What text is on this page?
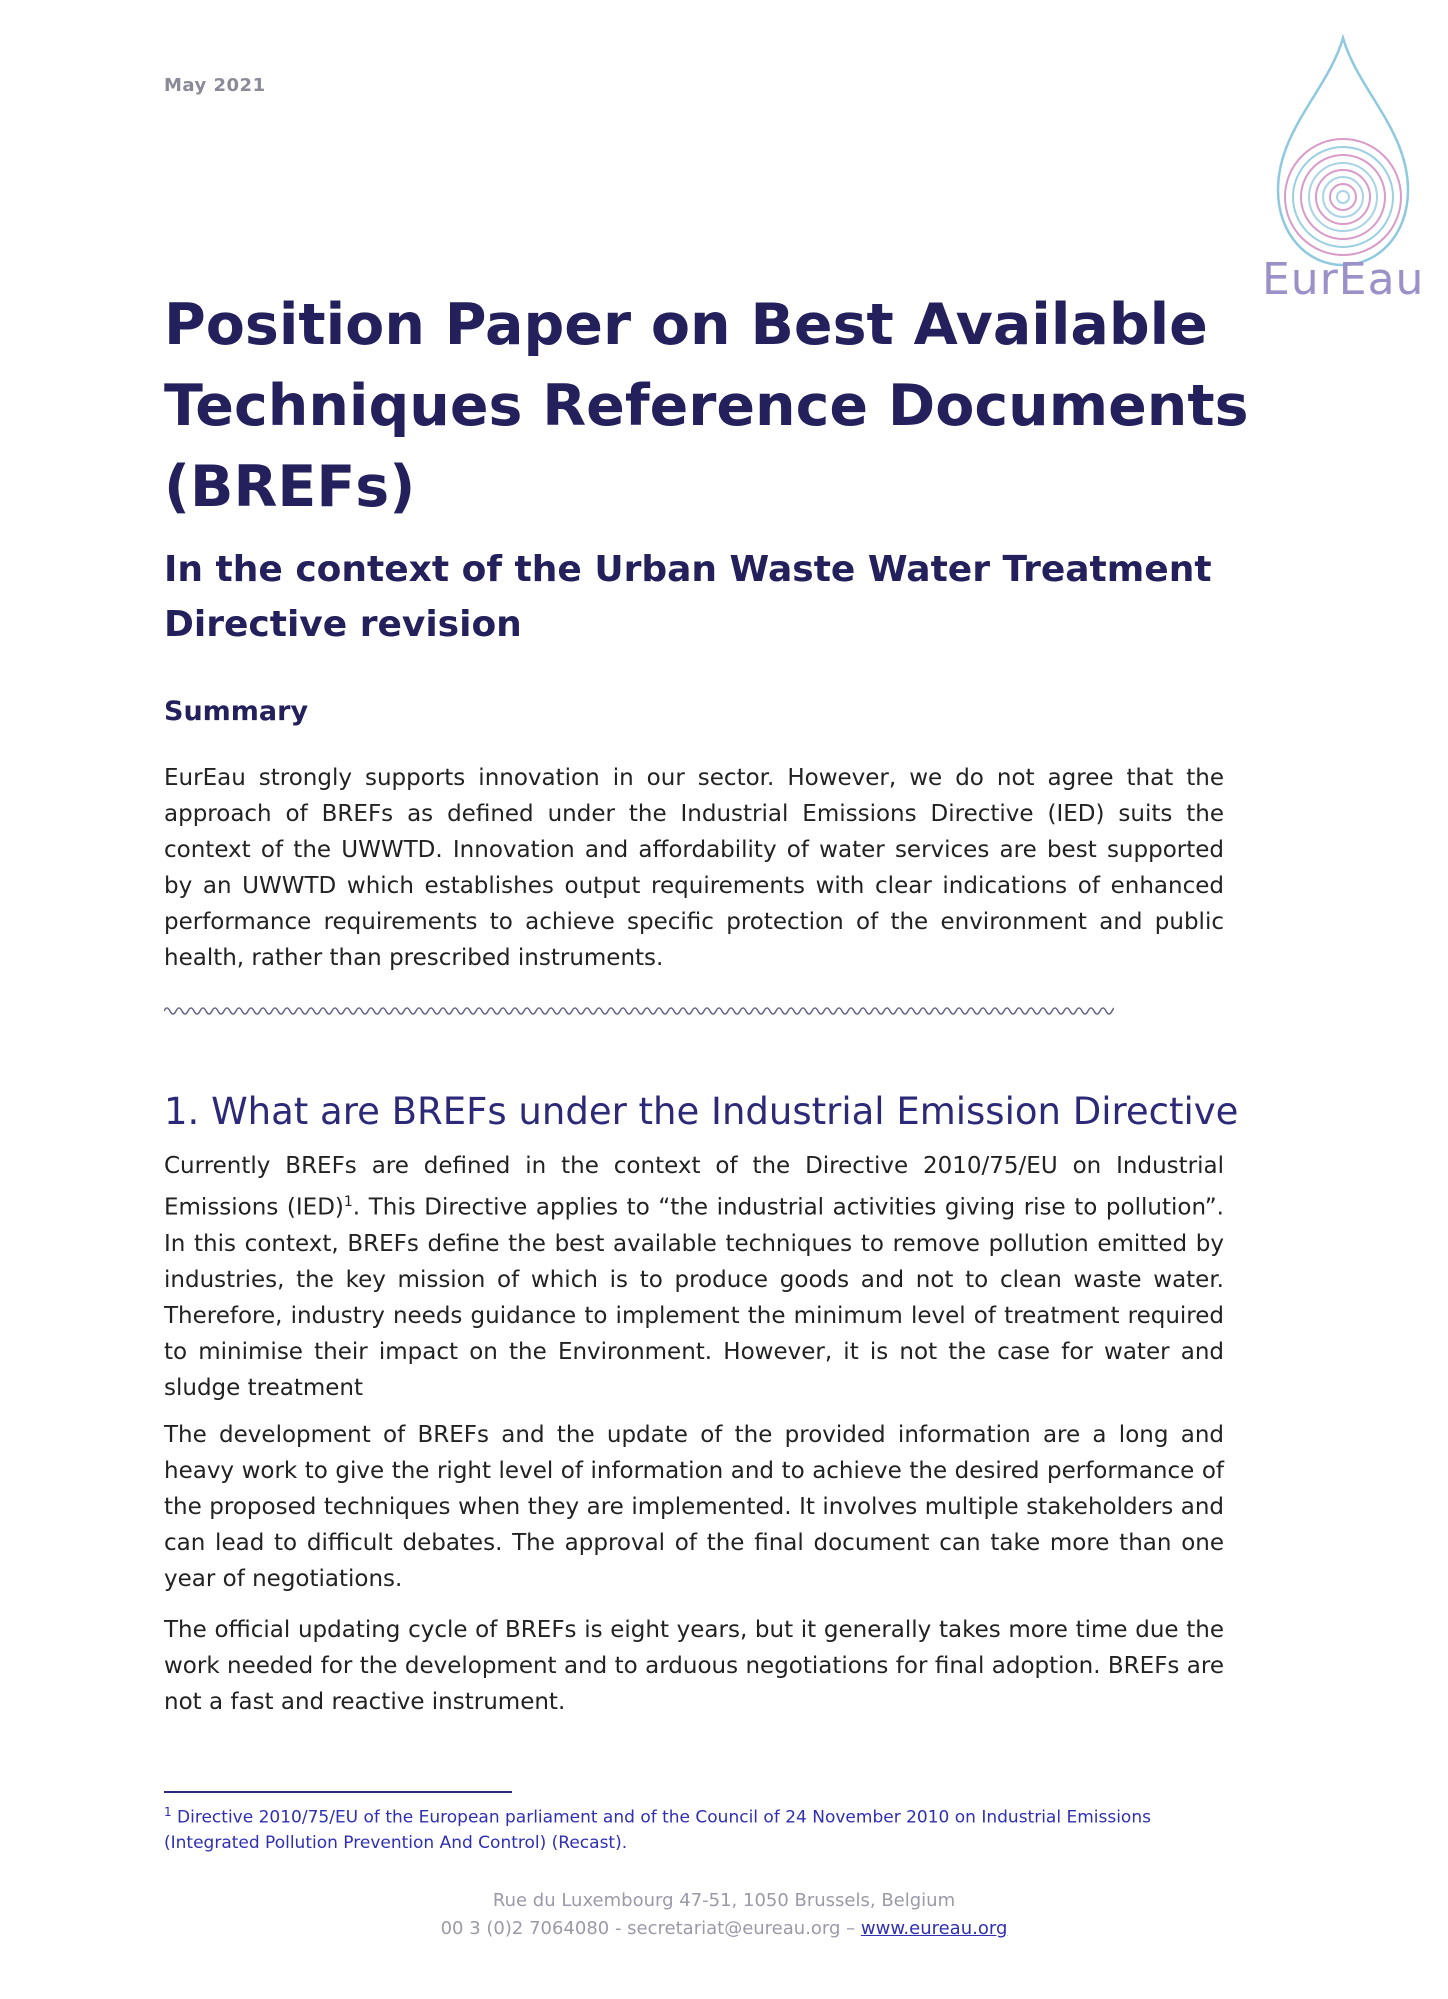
May 2021
EurEau
Position Paper on Best Available Techniques Reference Documents (BREFs)
In the context of the Urban Waste Water Treatment Directive revision
Summary

EurEau strongly supports innovation in our sector. However, we do not agree that the approach of BREFs as defined under the Industrial Emissions Directive (IED) suits the context of the UWWTD. Innovation and affordability of water services are best supported by an UWWTD which establishes output requirements with clear indications of enhanced performance requirements to achieve specific protection of the environment and public health, rather than prescribed instruments.

1. What are BREFs under the Industrial Emission Directive

Currently BREFs are defined in the context of the Directive 2010/75/EU on Industrial Emissions (IED)$^1$. This Directive applies to “the industrial activities giving rise to pollution”. In this context, BREFs define the best available techniques to remove pollution emitted by industries, the key mission of which is to produce goods and not to clean waste water. Therefore, industry needs guidance to implement the minimum level of treatment required to minimise their impact on the Environment. However, it is not the case for water and sludge treatment

The development of BREFs and the update of the provided information are a long and heavy work to give the right level of information and to achieve the desired performance of the proposed techniques when they are implemented. It involves multiple stakeholders and can lead to difficult debates. The approval of the final document can take more than one year of negotiations.

The official updating cycle of BREFs is eight years, but it generally takes more time due the work needed for the development and to arduous negotiations for final adoption. BREFs are not a fast and reactive instrument.

$^1$ Directive 2010/75/EU of the European parliament and of the Council of 24 November 2010 on Industrial Emissions (Integrated Pollution Prevention And Control) (Recast).

Rue du Luxembourg 47-51, 1050 Brussels, Belgium
00 3 (0)2 7064080 - secretariat@eureau.org – www.eureau.org
